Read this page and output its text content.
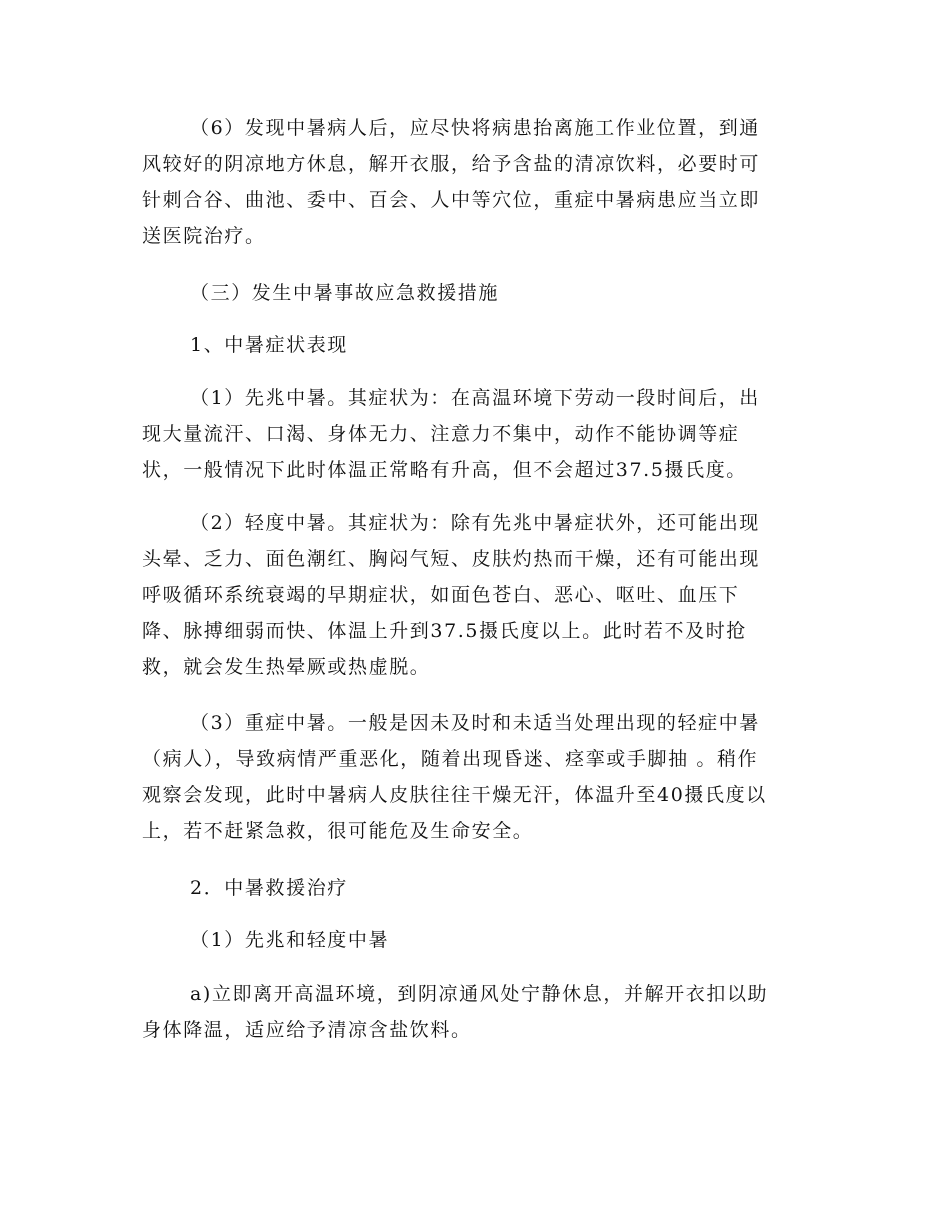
（6）发现中暑病人后，应尽快将病患抬离施工作业位置，到通
风较好的阴凉地方休息，解开衣服，给予含盐的清凉饮料，必要时可
针刺合谷、曲池、委中、百会、人中等穴位，重症中暑病患应当立即
送医院治疗。
（三）发生中暑事故应急救援措施
1、中暑症状表现
（1）先兆中暑。其症状为：在高温环境下劳动一段时间后，出
现大量流汗、口渴、身体无力、注意力不集中，动作不能协调等症
状，一般情况下此时体温正常略有升高，但不会超过37.5摄氏度。
（2）轻度中暑。其症状为：除有先兆中暑症状外，还可能出现
头晕、乏力、面色潮红、胸闷气短、皮肤灼热而干燥，还有可能出现
呼吸循环系统衰竭的早期症状，如面色苍白、恶心、呕吐、血压下
降、脉搏细弱而快、体温上升到37.5摄氏度以上。此时若不及时抢
救，就会发生热晕厥或热虚脱。
（3）重症中暑。一般是因未及时和未适当处理出现的轻症中暑
（病人），导致病情严重恶化，随着出现昏迷、痉挛或手脚抽 。稍作
观察会发现，此时中暑病人皮肤往往干燥无汗，体温升至40摄氏度以
上，若不赶紧急救，很可能危及生命安全。
2．中暑救援治疗
（1）先兆和轻度中暑
a)立即离开高温环境，到阴凉通风处宁静休息，并解开衣扣以助
身体降温，适应给予清凉含盐饮料。
